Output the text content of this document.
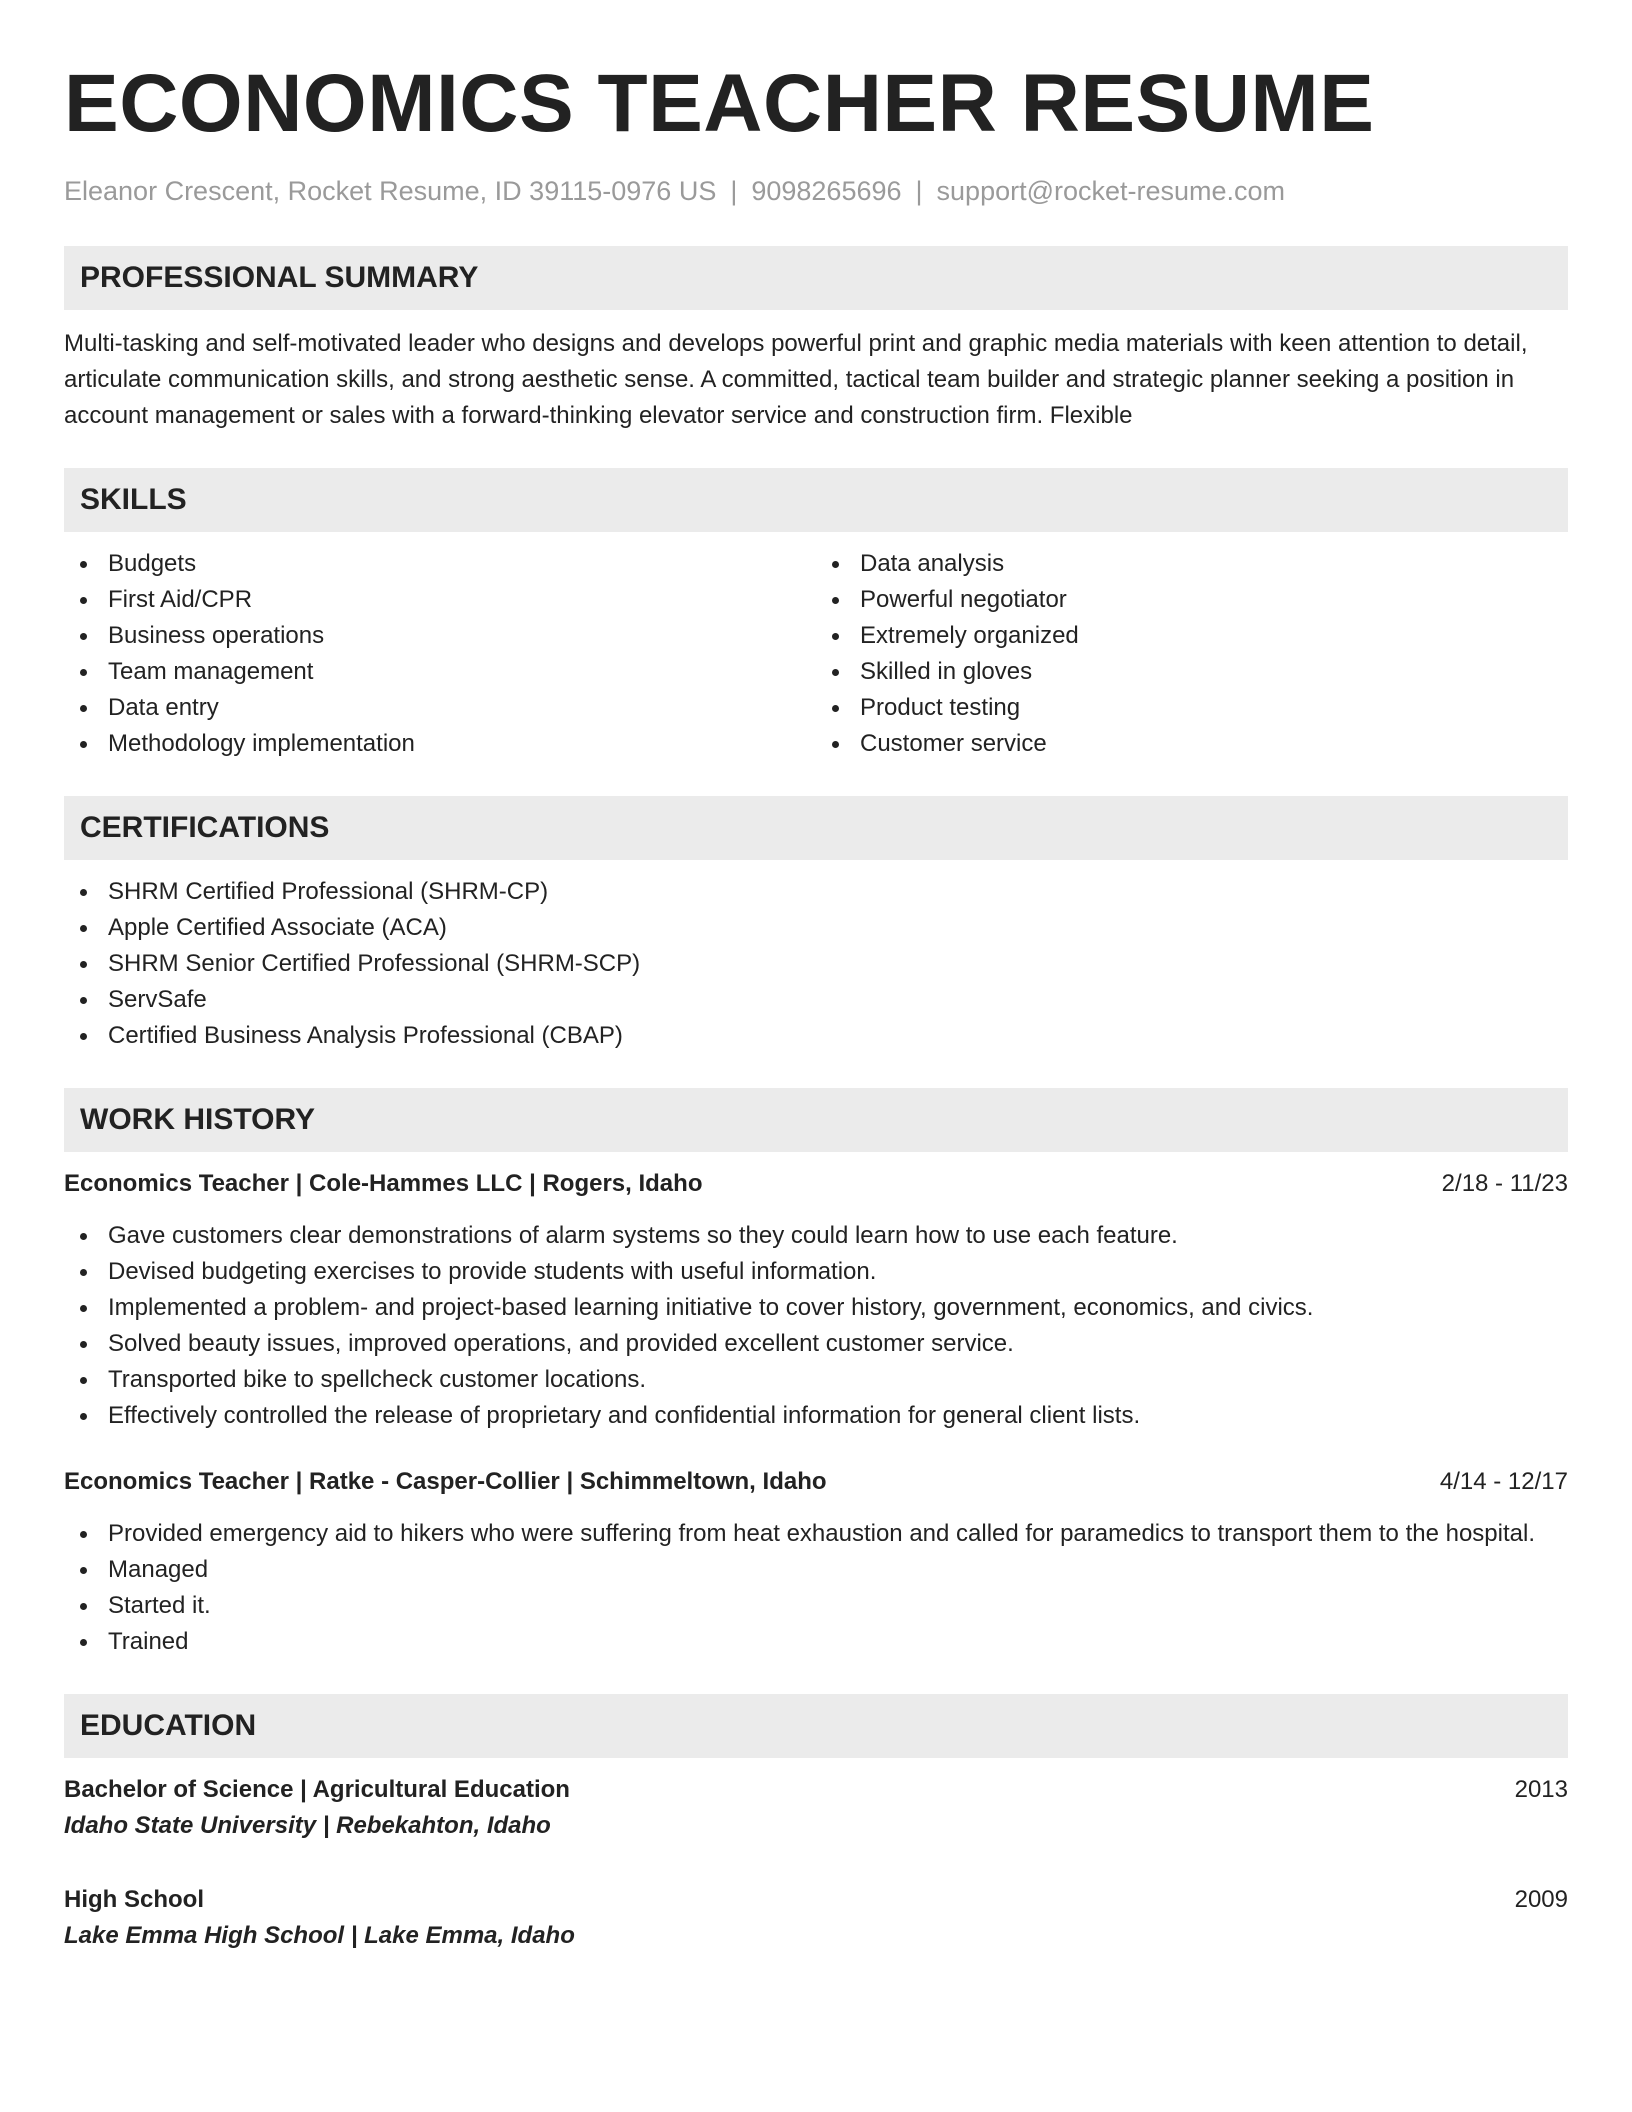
ECONOMICS TEACHER RESUME
Eleanor Crescent, Rocket Resume, ID 39115-0976 US | 9098265696 | support@rocket-resume.com
PROFESSIONAL SUMMARY

Multi-tasking and self-motivated leader who designs and develops powerful print and graphic media materials with keen attention to detail, articulate communication skills, and strong aesthetic sense. A committed, tactical team builder and strategic planner seeking a position in account management or sales with a forward-thinking elevator service and construction firm. Flexible

SKILLS
Budgets
First Aid/CPR
Business operations
Team management
Data entry
Methodology implementation
Data analysis
Powerful negotiator
Extremely organized
Skilled in gloves
Product testing
Customer service
CERTIFICATIONS
SHRM Certified Professional (SHRM-CP)
Apple Certified Associate (ACA)
SHRM Senior Certified Professional (SHRM-SCP)
ServSafe
Certified Business Analysis Professional (CBAP)
WORK HISTORY
Economics Teacher | Cole-Hammes LLC | Rogers, Idaho	2/18 - 11/23
Gave customers clear demonstrations of alarm systems so they could learn how to use each feature.
Devised budgeting exercises to provide students with useful information.
Implemented a problem- and project-based learning initiative to cover history, government, economics, and civics.
Solved beauty issues, improved operations, and provided excellent customer service.
Transported bike to spellcheck customer locations.
Effectively controlled the release of proprietary and confidential information for general client lists.
Economics Teacher | Ratke - Casper-Collier | Schimmeltown, Idaho	4/14 - 12/17
Provided emergency aid to hikers who were suffering from heat exhaustion and called for paramedics to transport them to the hospital.
Managed
Started it.
Trained
EDUCATION
Bachelor of Science | Agricultural Education	2013
Idaho State University | Rebekahton, Idaho
High School	2009
Lake Emma High School | Lake Emma, Idaho
